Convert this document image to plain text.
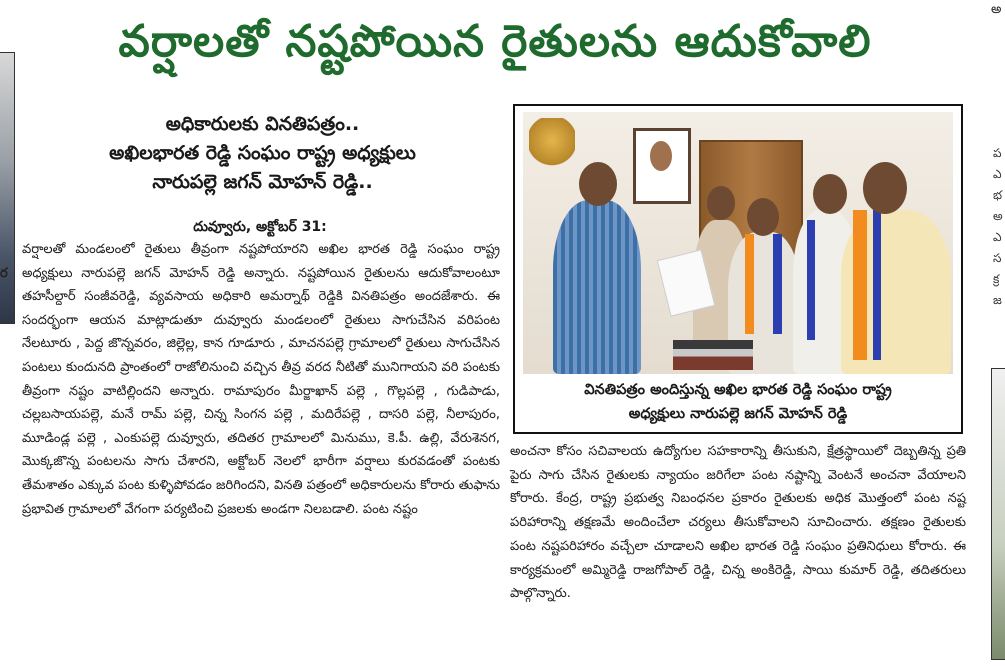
వర్షాలతో నష్టపోయిన రైతులను ఆదుకోవాలి
అ
ర
ప
ఎ
భ
అ
ఎ
స
క్ర
జ
అధికారులకు వినతిపత్రం..
అఖిలభారత రెడ్డి సంఘం రాష్ట్ర అధ్యక్షులు
నారుపల్లె జగన్ మోహన్ రెడ్డి..
దువ్వూరు, అక్టోబర్ 31:
వర్షాలతో మండలంలో రైతులు తీవ్రంగా నష్టపోయారని అఖిల భారత రెడ్డి సంఘం రాష్ట్ర అధ్యక్షులు నారుపల్లె జగన్ మోహన్ రెడ్డి అన్నారు. నష్టపోయిన రైతులను ఆదుకోవాలంటూ తహసీల్దార్ సంజీవరెడ్డి, వ్యవసాయ అధికారి అమర్నాథ్ రెడ్డికి వినతిపత్రం అందజేశారు. ఈ సందర్భంగా ఆయన మాట్లాడుతూ దువ్వూరు మండలంలో రైతులు సాగుచేసిన వరిపంట నేలటూరు , పెద్ద జొన్నవరం, జిల్లెల్ల, కాన గూడూరు , మాచనపల్లె గ్రామాలలో రైతులు సాగుచేసిన పంటలు కుందునది ప్రాంతంలో రాజోలినుంచి వచ్చిన తీవ్ర వరద నీటితో మునిగాయని వరి పంటకు తీవ్రంగా నష్టం వాటిల్లిందని అన్నారు. రామాపురం మీర్జాఖాన్ పల్లె , గొల్లపల్లె , గుడిపాడు, చల్లబసాయపల్లె, మనే రామ్ పల్లె, చిన్న సింగన పల్లె , మదిరేపల్లె , దాసరి పల్లె, నీలాపురం, మూడిండ్ల పల్లె , ఎంకుపల్లె దువ్వూరు, తదితర గ్రామాలలో మినుము, కె.పీ. ఉల్లి, వేరుశెనగ, మొక్కజొన్న పంటలను సాగు చేశారని, అక్టోబర్ నెలలో భారీగా వర్షాలు కురవడంతో పంటకు తేమశాతం ఎక్కువ పంట కుళ్ళిపోవడం జరిగిందని, వినతి పత్రంలో అధికారులను కోరారు తుఫాను ప్రభావిత గ్రామాలలో వేగంగా పర్యటించి ప్రజలకు అండగా నిలబడాలి. పంట నష్టం
వినతిపత్రం అందిస్తున్న అఖిల భారత రెడ్డి సంఘం రాష్ట్ర
అధ్యక్షులు నారుపల్లె జగన్ మోహన్ రెడ్డి
అంచనా కోసం సచివాలయ ఉద్యోగుల సహకారాన్ని తీసుకుని, క్షేత్రస్థాయిలో దెబ్బతిన్న ప్రతి పైరు సాగు చేసిన రైతులకు న్యాయం జరిగేలా పంట నష్టాన్ని వెంటనే అంచనా వేయాలని కోరారు. కేంద్ర, రాష్ట్ర ప్రభుత్వ నిబంధనల ప్రకారం రైతులకు అధిక మొత్తంలో పంట నష్ట పరిహారాన్ని తక్షణమే అందించేలా చర్యలు తీసుకోవాలని సూచించారు. తక్షణం రైతులకు పంట నష్టపరిహారం వచ్చేలా చూడాలని అఖిల భారత రెడ్డి సంఘం ప్రతినిధులు కోరారు. ఈ కార్యక్రమంలో అమ్మిరెడ్డి రాజగోపాల్ రెడ్డి, చిన్న అంకిరెడ్డి, సాయి కుమార్ రెడ్డి, తదితరులు పాల్గొన్నారు.
